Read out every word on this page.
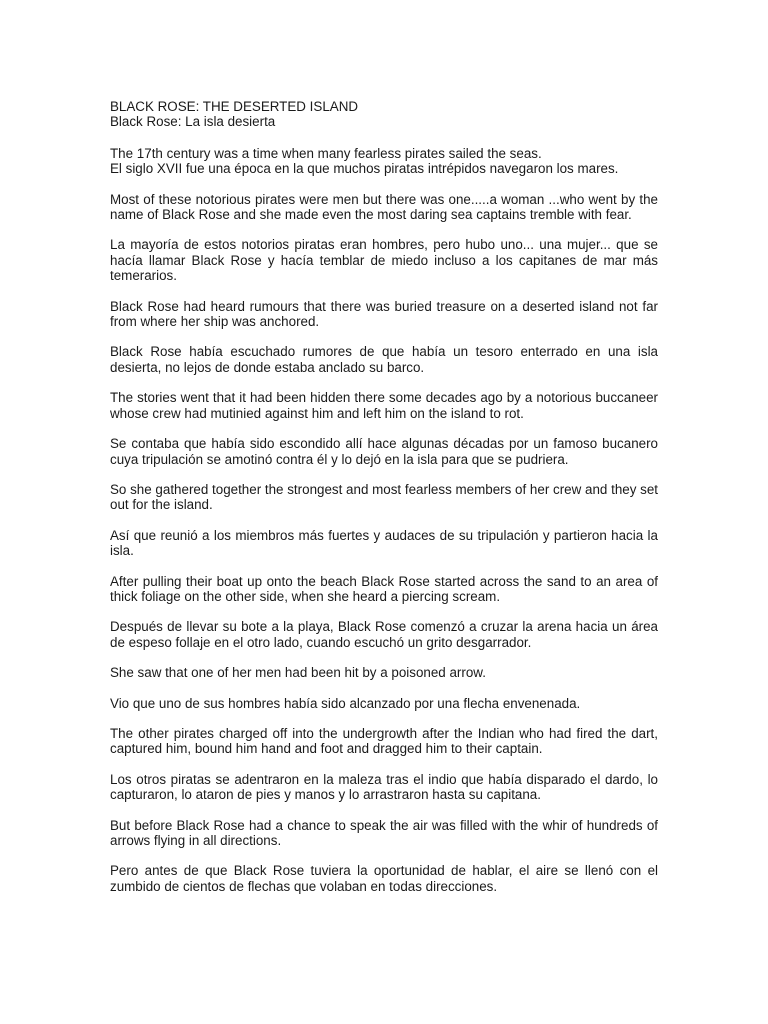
BLACK ROSE: THE DESERTED ISLAND
Black Rose: La isla desierta

The 17th century was a time when many fearless pirates sailed the seas.
El siglo XVII fue una época en la que muchos piratas intrépidos navegaron los mares.

Most of these notorious pirates were men but there was one.....a woman ...who went by the name of Black Rose and she made even the most daring sea captains tremble with fear.

La mayoría de estos notorios piratas eran hombres, pero hubo uno... una mujer... que se hacía llamar Black Rose y hacía temblar de miedo incluso a los capitanes de mar más temerarios.

Black Rose had heard rumours that there was buried treasure on a deserted island not far from where her ship was anchored.

Black Rose había escuchado rumores de que había un tesoro enterrado en una isla desierta, no lejos de donde estaba anclado su barco.

The stories went that it had been hidden there some decades ago by a notorious buccaneer whose crew had mutinied against him and left him on the island to rot.

Se contaba que había sido escondido allí hace algunas décadas por un famoso bucanero cuya tripulación se amotinó contra él y lo dejó en la isla para que se pudriera.

So she gathered together the strongest and most fearless members of her crew and they set out for the island.

Así que reunió a los miembros más fuertes y audaces de su tripulación y partieron hacia la isla.

After pulling their boat up onto the beach Black Rose started across the sand to an area of thick foliage on the other side, when she heard a piercing scream.

Después de llevar su bote a la playa, Black Rose comenzó a cruzar la arena hacia un área de espeso follaje en el otro lado, cuando escuchó un grito desgarrador.

She saw that one of her men had been hit by a poisoned arrow.

Vio que uno de sus hombres había sido alcanzado por una flecha envenenada.

The other pirates charged off into the undergrowth after the Indian who had fired the dart, captured him, bound him hand and foot and dragged him to their captain.

Los otros piratas se adentraron en la maleza tras el indio que había disparado el dardo, lo capturaron, lo ataron de pies y manos y lo arrastraron hasta su capitana.

But before Black Rose had a chance to speak the air was filled with the whir of hundreds of arrows flying in all directions.

Pero antes de que Black Rose tuviera la oportunidad de hablar, el aire se llenó con el zumbido de cientos de flechas que volaban en todas direcciones.
